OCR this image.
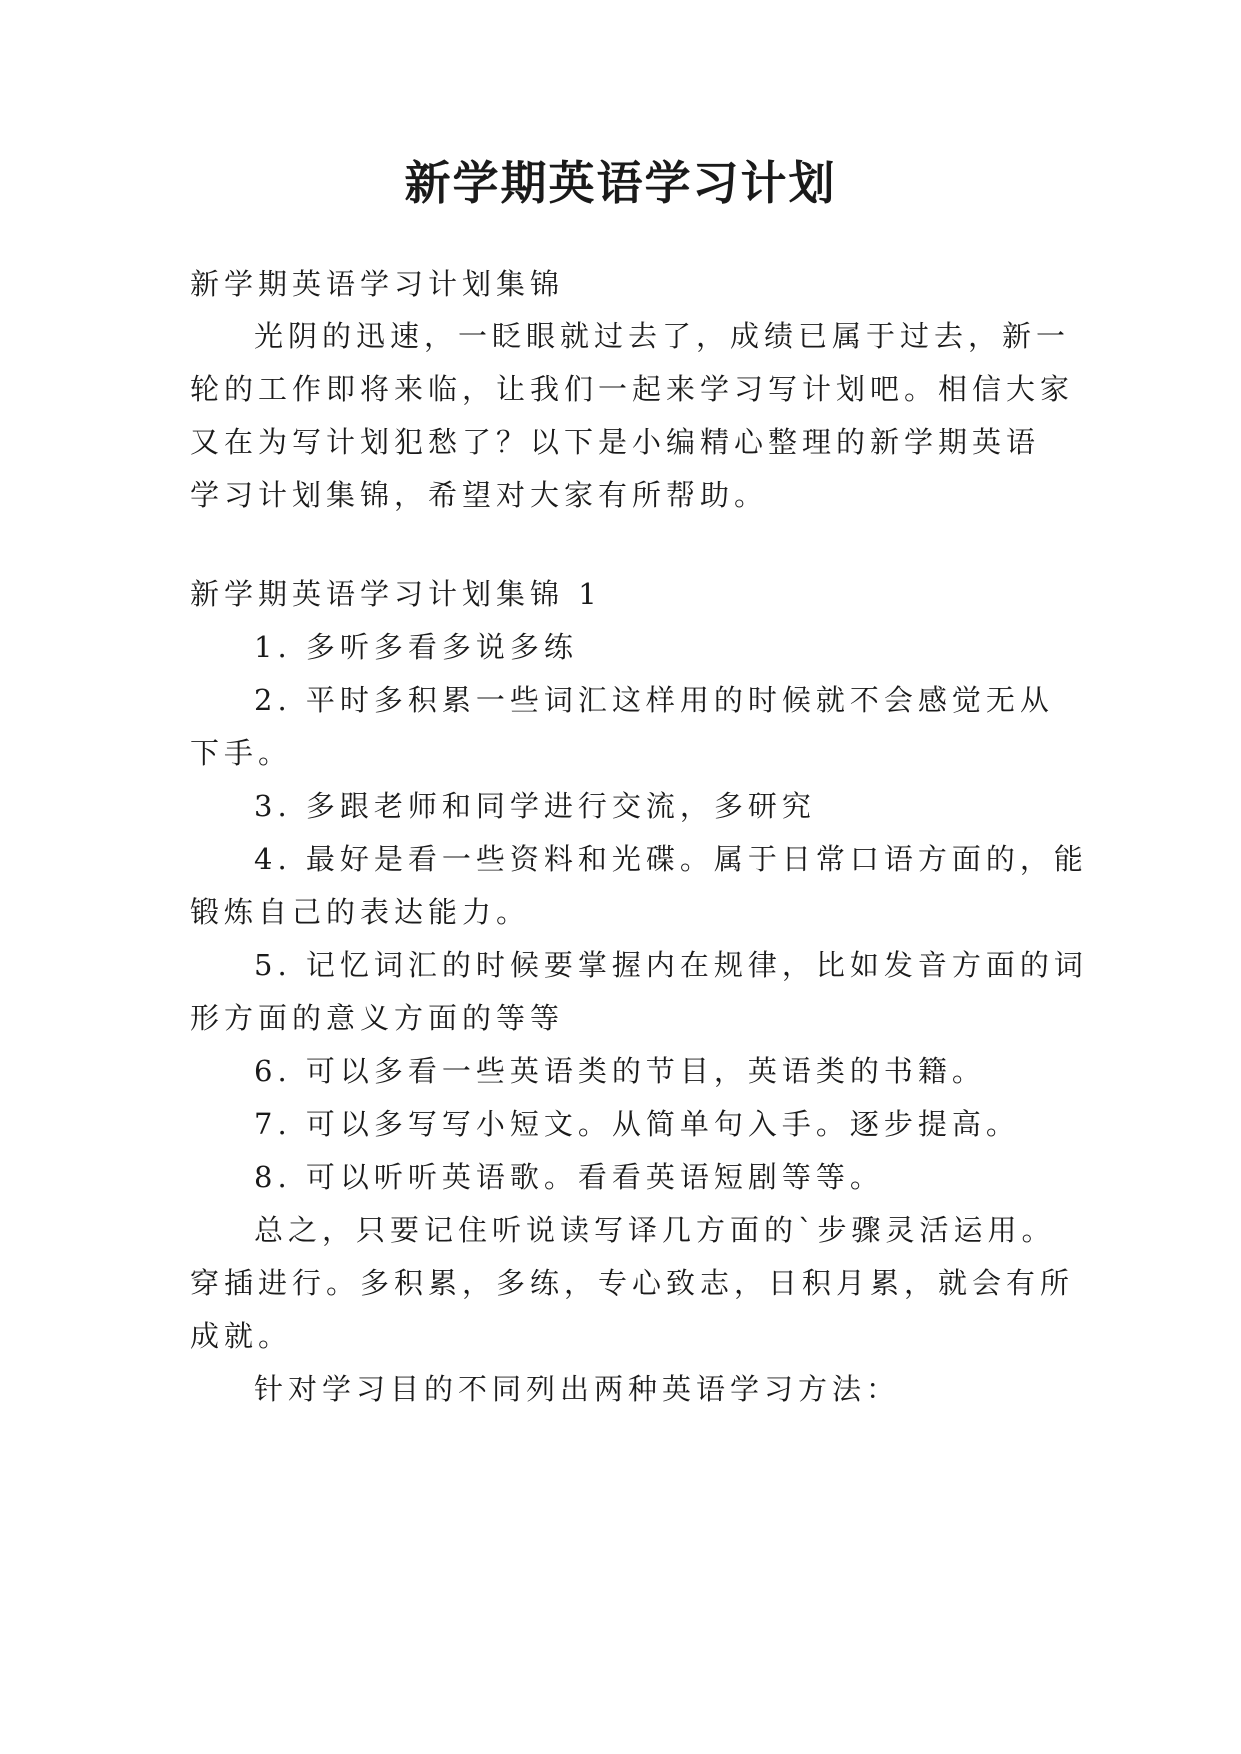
新学期英语学习计划
新学期英语学习计划集锦
光阴的迅速，一眨眼就过去了，成绩已属于过去，新一
轮的工作即将来临，让我们一起来学习写计划吧。相信大家
又在为写计划犯愁了？以下是小编精心整理的新学期英语
学习计划集锦，希望对大家有所帮助。
新学期英语学习计划集锦 1
1. 多听多看多说多练
2. 平时多积累一些词汇这样用的时候就不会感觉无从
下手。
3. 多跟老师和同学进行交流，多研究
4. 最好是看一些资料和光碟。属于日常口语方面的，能
锻炼自己的表达能力。
5. 记忆词汇的时候要掌握内在规律，比如发音方面的词
形方面的意义方面的等等
6. 可以多看一些英语类的节目，英语类的书籍。
7. 可以多写写小短文。从简单句入手。逐步提高。
8. 可以听听英语歌。看看英语短剧等等。
总之，只要记住听说读写译几方面的`步骤灵活运用。
穿插进行。多积累，多练，专心致志，日积月累，就会有所
成就。
针对学习目的不同列出两种英语学习方法：
